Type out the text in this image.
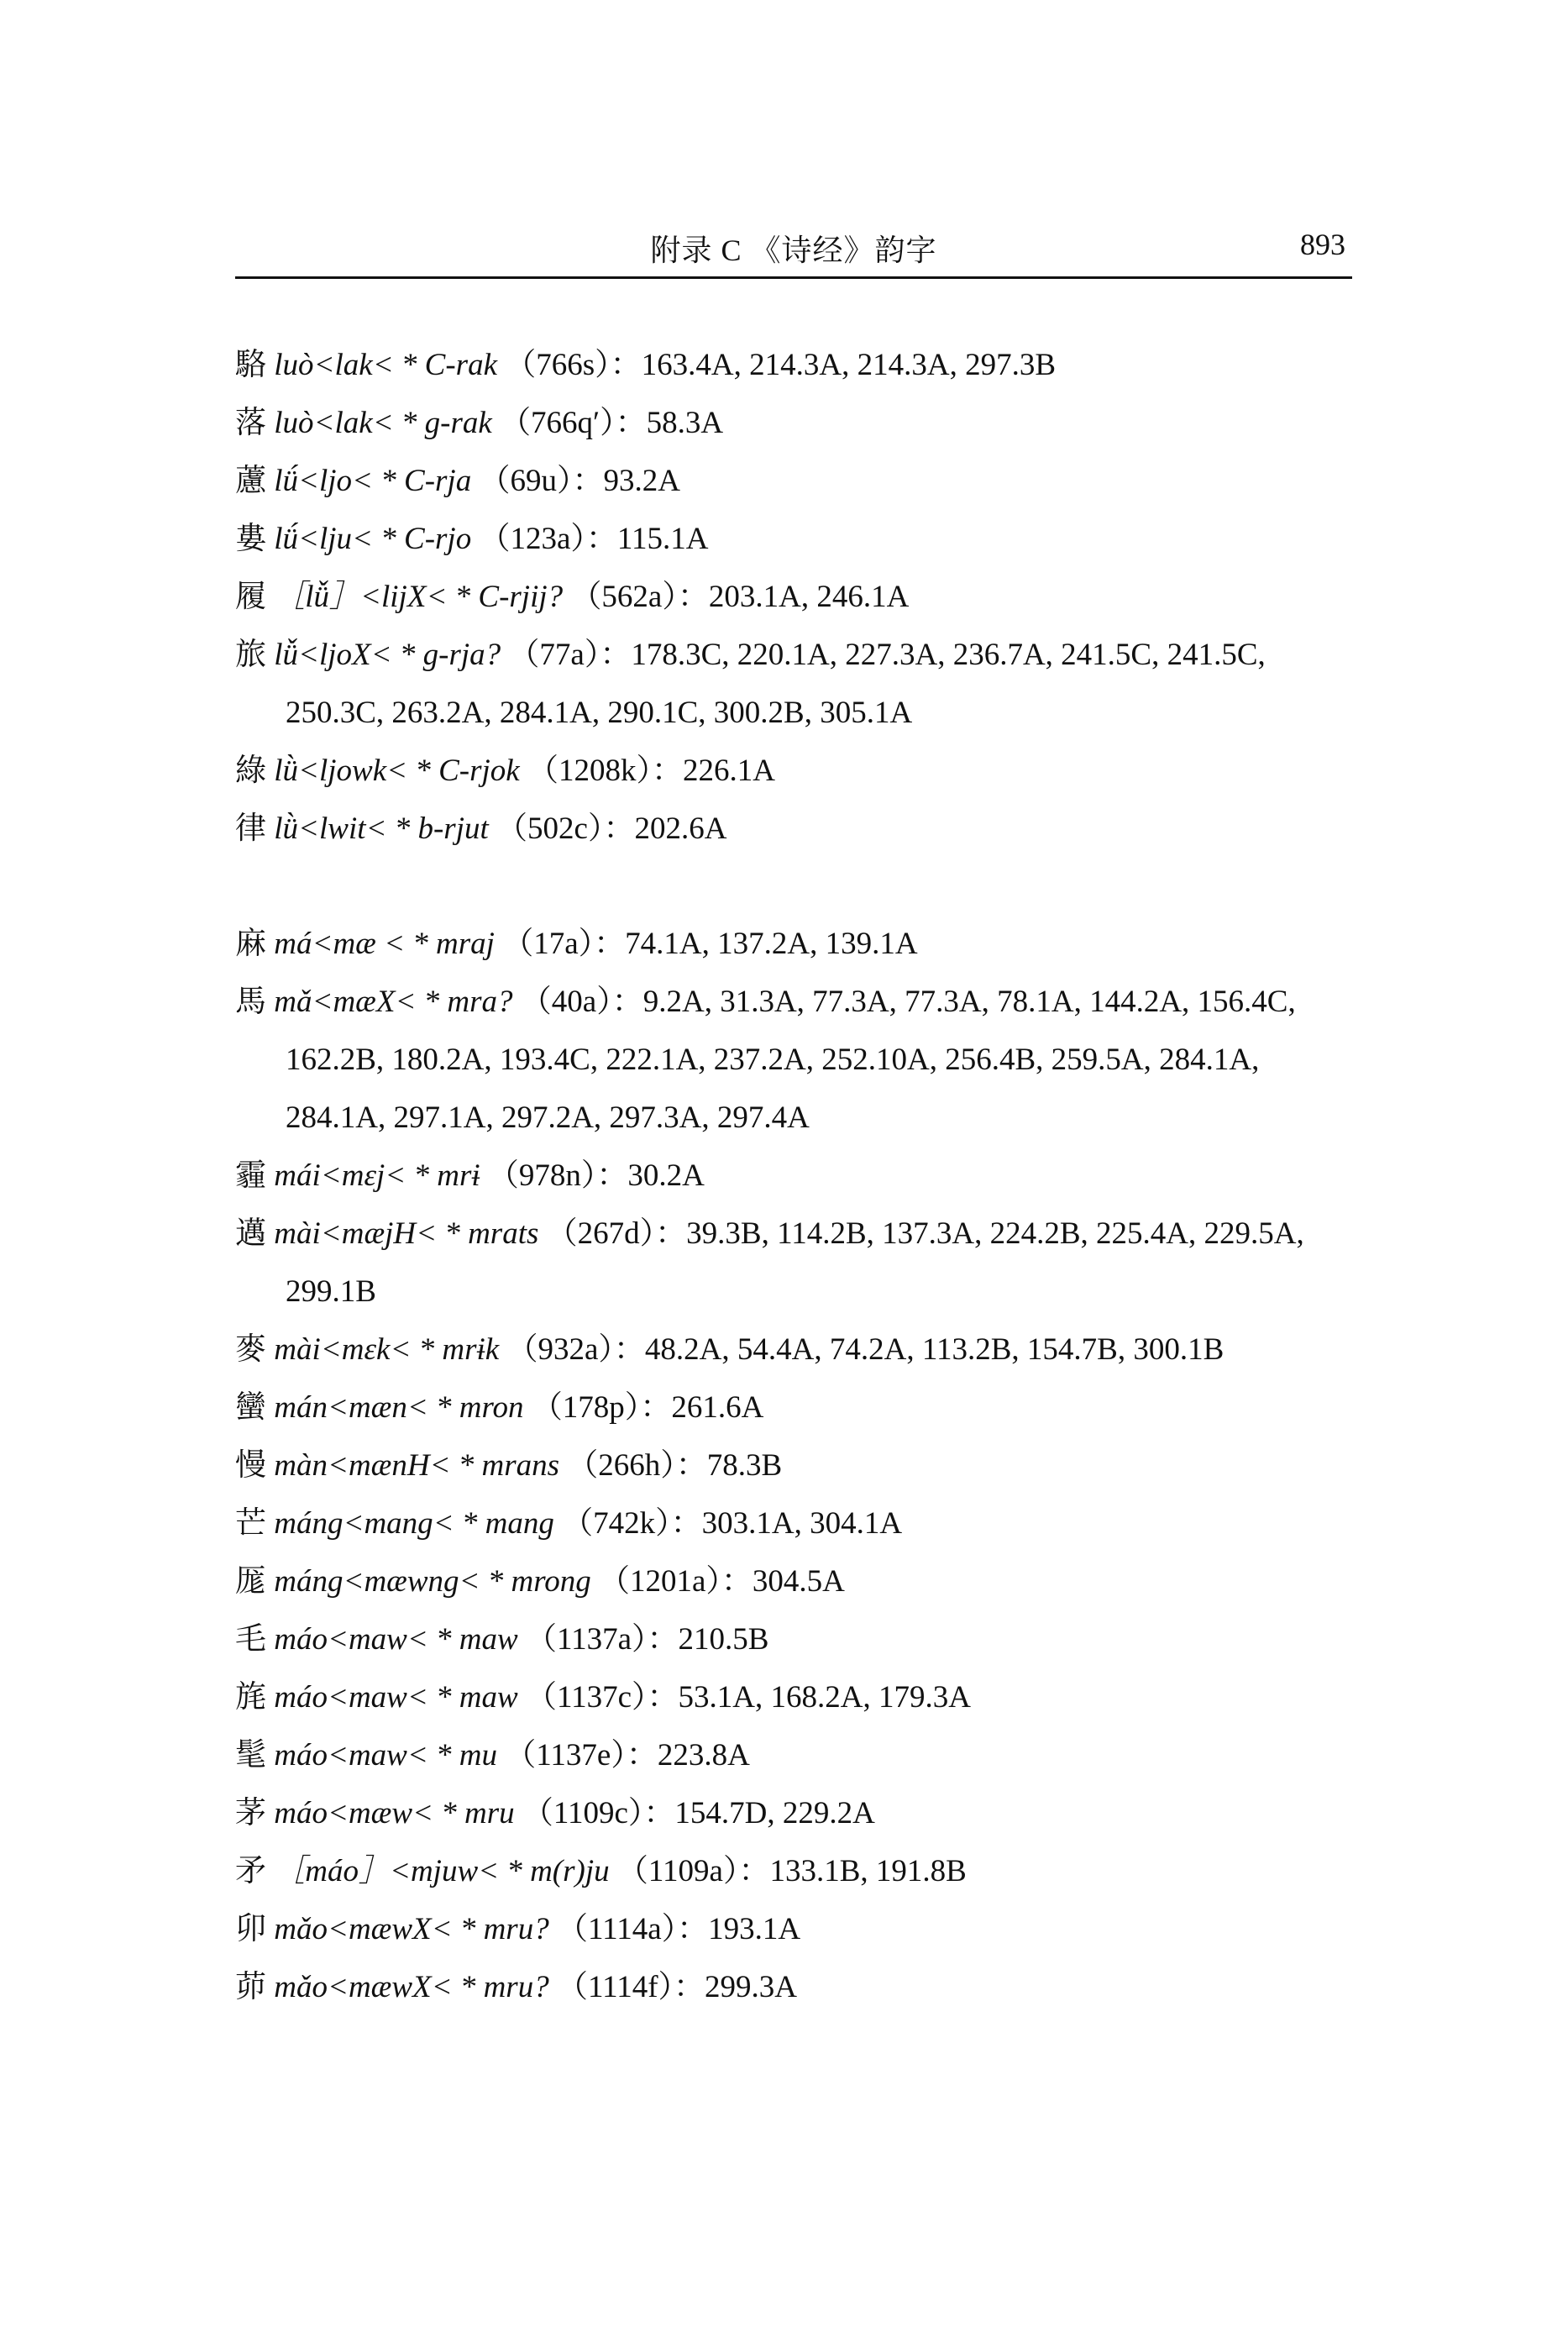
附录 C 《诗经》韵字	893
駱 luò<lak< * C-rak （766s）：163.4A, 214.3A, 214.3A, 297.3B
落 luò<lak< * g-rak （766q′）：58.3A
藘 lǘ<ljo< * C-rja （69u）：93.2A
婁 lǘ<lju< * C-rjo （123a）：115.1A
履 ［lǚ］<lijX< * C-rjij? （562a）：203.1A, 246.1A
旅 lǚ<ljoX< * g-rja? （77a）：178.3C, 220.1A, 227.3A, 236.7A, 241.5C, 241.5C, 250.3C, 263.2A, 284.1A, 290.1C, 300.2B, 305.1A
綠 lǜ<ljowk< * C-rjok （1208k）：226.1A
律 lǜ<lwit< * b-rjut （502c）：202.6A
麻 má<mæ < * mraj （17a）：74.1A, 137.2A, 139.1A
馬 mǎ<mæX< * mra? （40a）：9.2A, 31.3A, 77.3A, 77.3A, 78.1A, 144.2A, 156.4C, 162.2B, 180.2A, 193.4C, 222.1A, 237.2A, 252.10A, 256.4B, 259.5A, 284.1A, 284.1A, 297.1A, 297.2A, 297.3A, 297.4A
霾 mái<mɛj< * mrɨ （978n）：30.2A
邁 mài<mæjH< * mrats （267d）：39.3B, 114.2B, 137.3A, 224.2B, 225.4A, 229.5A, 299.1B
麥 mài<mɛk< * mrɨk （932a）：48.2A, 54.4A, 74.2A, 113.2B, 154.7B, 300.1B
蠻 mán<mæn< * mron （178p）：261.6A
慢 màn<mænH< * mrans （266h）：78.3B
芒 máng<mang< * mang （742k）：303.1A, 304.1A
厖 máng<mæwng< * mrong （1201a）：304.5A
毛 máo<maw< * maw （1137a）：210.5B
旄 máo<maw< * maw （1137c）：53.1A, 168.2A, 179.3A
髦 máo<maw< * mu （1137e）：223.8A
茅 máo<mæw< * mru （1109c）：154.7D, 229.2A
矛 ［máo］<mjuw< * m(r)ju （1109a）：133.1B, 191.8B
卯 mǎo<mæwX< * mru? （1114a）：193.1A
茆 mǎo<mæwX< * mru? （1114f）：299.3A
